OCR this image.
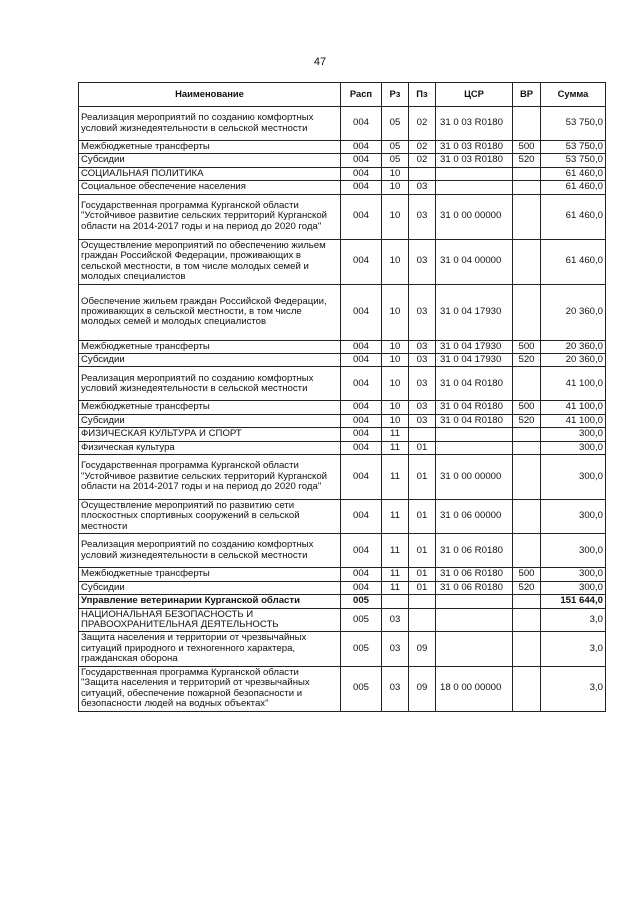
47
Наименование	Расп	Рз	Пз	ЦСР	ВР	Сумма
Реализация мероприятий по созданию комфортных условий жизнедеятельности в сельской местности	004	05	02	31 0 03 R0180		53 750,0
Межбюджетные трансферты	004	05	02	31 0 03 R0180	500	53 750,0
Субсидии	004	05	02	31 0 03 R0180	520	53 750,0
СОЦИАЛЬНАЯ ПОЛИТИКА	004	10				61 460,0
Социальное обеспечение населения	004	10	03			61 460,0
Государственная программа Курганской области "Устойчивое развитие сельских территорий Курганской области на 2014-2017 годы и на период до 2020 года"	004	10	03	31 0 00 00000		61 460,0
Осуществление мероприятий по обеспечению жильем граждан Российской Федерации, проживающих в сельской местности, в том числе молодых семей и молодых специалистов	004	10	03	31 0 04 00000		61 460,0
Обеспечение жильем граждан Российской Федерации, проживающих в сельской местности, в том числе молодых семей и молодых специалистов	004	10	03	31 0 04 17930		20 360,0
Межбюджетные трансферты	004	10	03	31 0 04 17930	500	20 360,0
Субсидии	004	10	03	31 0 04 17930	520	20 360,0
Реализация мероприятий по созданию комфортных условий жизнедеятельности в сельской местности	004	10	03	31 0 04 R0180		41 100,0
Межбюджетные трансферты	004	10	03	31 0 04 R0180	500	41 100,0
Субсидии	004	10	03	31 0 04 R0180	520	41 100,0
ФИЗИЧЕСКАЯ КУЛЬТУРА И СПОРТ	004	11				300,0
Физическая культура	004	11	01			300,0
Государственная программа Курганской области "Устойчивое развитие сельских территорий Курганской области на 2014-2017 годы и на период до 2020 года"	004	11	01	31 0 00 00000		300,0
Осуществление мероприятий по развитию сети плоскостных спортивных сооружений в сельской местности	004	11	01	31 0 06 00000		300,0
Реализация мероприятий по созданию комфортных условий жизнедеятельности в сельской местности	004	11	01	31 0 06 R0180		300,0
Межбюджетные трансферты	004	11	01	31 0 06 R0180	500	300,0
Субсидии	004	11	01	31 0 06 R0180	520	300,0
Управление ветеринарии Курганской области	005					151 644,0
НАЦИОНАЛЬНАЯ БЕЗОПАСНОСТЬ И ПРАВООХРАНИТЕЛЬНАЯ ДЕЯТЕЛЬНОСТЬ	005	03				3,0
Защита населения и территории от чрезвычайных ситуаций природного и техногенного характера, гражданская оборона	005	03	09			3,0
Государственная программа Курганской области "Защита населения и территорий от чрезвычайных ситуаций, обеспечение пожарной безопасности и безопасности людей на водных объектах"	005	03	09	18 0 00 00000		3,0
